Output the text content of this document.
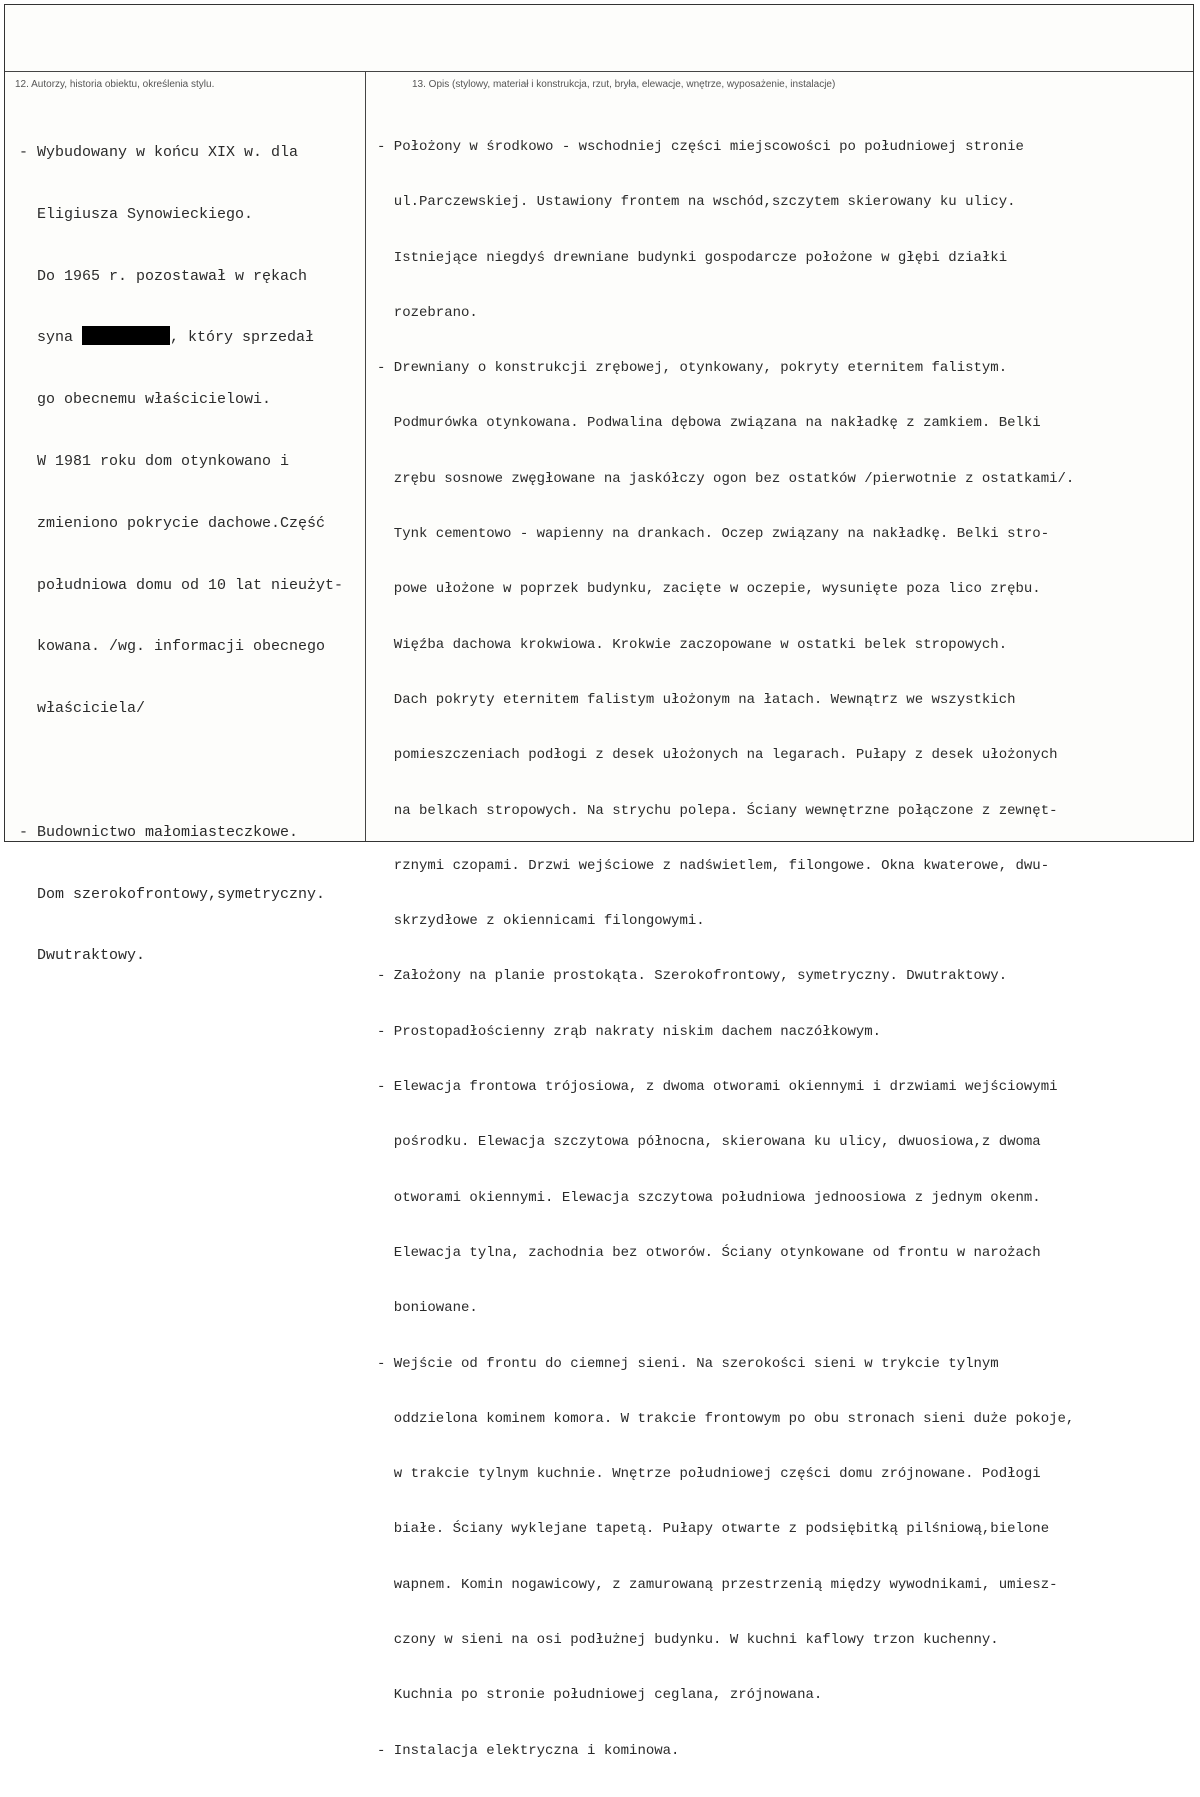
12. Autorzy, historia obiektu, określenia stylu.	13. Opis (stylowy, materiał i konstrukcja, rzut, bryła, elewacje, wnętrze, wyposażenie, instalacje)

- Wybudowany w końcu XIX w. dla

Eligiusza Synowieckiego.

Do 1965 r. pozostawał w rękach

syna	, który sprzedał

go obecnemu właścicielowi.

W 1981 roku dom otynkowano i

zmieniono pokrycie dachowe.Część

południowa domu od 10 lat nieużyt-

kowana. /wg. informacji obecnego

właściciela/

- Budownictwo małomiasteczkowe.

Dom szerokofrontowy,symetryczny.

Dwutraktowy.

- Położony w środkowo - wschodniej części miejscowości po południowej stronie

ul.Parczewskiej. Ustawiony frontem na wschód,szczytem skierowany ku ulicy.

Istniejące niegdyś drewniane budynki gospodarcze położone w głębi działki

rozebrano.

- Drewniany o konstrukcji zrębowej, otynkowany, pokryty eternitem falistym.

Podmurówka otynkowana. Podwalina dębowa związana na nakładkę z zamkiem. Belki

zrębu sosnowe zwęgłowane na jaskółczy ogon bez ostatków /pierwotnie z ostatkami/.

Tynk cementowo - wapienny na drankach. Oczep związany na nakładkę. Belki stro-

powe ułożone w poprzek budynku, zacięte w oczepie, wysunięte poza lico zrębu.

Więźba dachowa krokwiowa. Krokwie zaczopowane w ostatki belek stropowych.

Dach pokryty eternitem falistym ułożonym na łatach. Wewnątrz we wszystkich

pomieszczeniach podłogi z desek ułożonych na legarach. Pułapy z desek ułożonych

na belkach stropowych. Na strychu polepa. Ściany wewnętrzne połączone z zewnęt-

rznymi czopami. Drzwi wejściowe z nadświetlem, filongowe. Okna kwaterowe, dwu-

skrzydłowe z okiennicami filongowymi.

- Założony na planie prostokąta. Szerokofrontowy, symetryczny. Dwutraktowy.

- Prostopadłościenny zrąb nakraty niskim dachem naczółkowym.

- Elewacja frontowa trójosiowa, z dwoma otworami okiennymi i drzwiami wejściowymi

pośrodku. Elewacja szczytowa północna, skierowana ku ulicy, dwuosiowa,z dwoma

otworami okiennymi. Elewacja szczytowa południowa jednoosiowa z jednym okenm.

Elewacja tylna, zachodnia bez otworów. Ściany otynkowane od frontu w narożach

boniowane.

- Wejście od frontu do ciemnej sieni. Na szerokości sieni w trykcie tylnym

oddzielona kominem komora. W trakcie frontowym po obu stronach sieni duże pokoje,

w trakcie tylnym kuchnie. Wnętrze południowej części domu zrójnowane. Podłogi

białe. Ściany wyklejane tapetą. Pułapy otwarte z podsiębitką pilśniową,bielone

wapnem. Komin nogawicowy, z zamurowaną przestrzenią między wywodnikami, umiesz-

czony w sieni na osi podłużnej budynku. W kuchni kaflowy trzon kuchenny.

Kuchnia po stronie południowej ceglana, zrójnowana.

- Instalacja elektryczna i kominowa.
